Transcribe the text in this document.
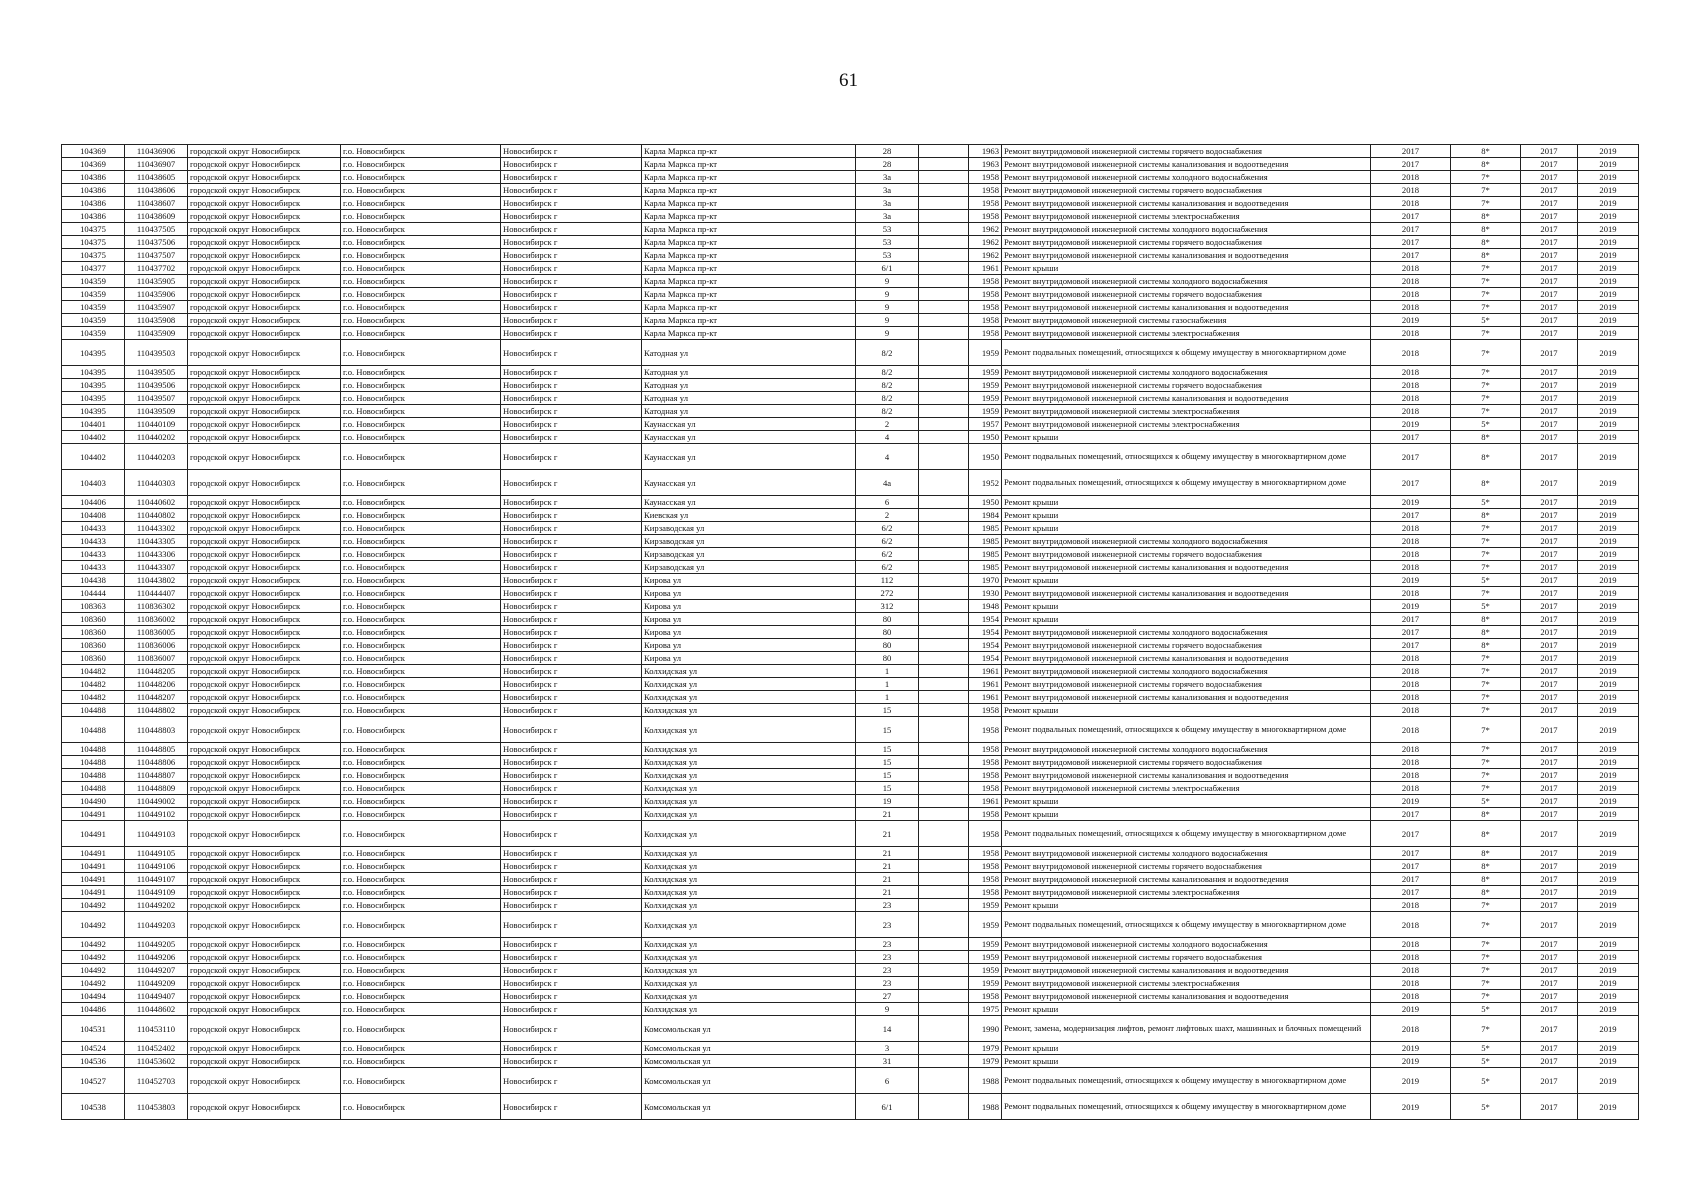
61
104369	110436906	городской округ Новосибирск	г.о. Новосибирск	Новосибирск г	Карла Маркса пр-кт	28		1963	Ремонт внутридомовой инженерной системы горячего водоснабжения	2017	8*	2017	2019
104369	110436907	городской округ Новосибирск	г.о. Новосибирск	Новосибирск г	Карла Маркса пр-кт	28		1963	Ремонт внутридомовой инженерной системы канализования и водоотведения	2017	8*	2017	2019
104386	110438605	городской округ Новосибирск	г.о. Новосибирск	Новосибирск г	Карла Маркса пр-кт	3а		1958	Ремонт внутридомовой инженерной системы холодного водоснабжения	2018	7*	2017	2019
104386	110438606	городской округ Новосибирск	г.о. Новосибирск	Новосибирск г	Карла Маркса пр-кт	3а		1958	Ремонт внутридомовой инженерной системы горячего водоснабжения	2018	7*	2017	2019
104386	110438607	городской округ Новосибирск	г.о. Новосибирск	Новосибирск г	Карла Маркса пр-кт	3а		1958	Ремонт внутридомовой инженерной системы канализования и водоотведения	2018	7*	2017	2019
104386	110438609	городской округ Новосибирск	г.о. Новосибирск	Новосибирск г	Карла Маркса пр-кт	3а		1958	Ремонт внутридомовой инженерной системы электроснабжения	2017	8*	2017	2019
104375	110437505	городской округ Новосибирск	г.о. Новосибирск	Новосибирск г	Карла Маркса пр-кт	53		1962	Ремонт внутридомовой инженерной системы холодного водоснабжения	2017	8*	2017	2019
104375	110437506	городской округ Новосибирск	г.о. Новосибирск	Новосибирск г	Карла Маркса пр-кт	53		1962	Ремонт внутридомовой инженерной системы горячего водоснабжения	2017	8*	2017	2019
104375	110437507	городской округ Новосибирск	г.о. Новосибирск	Новосибирск г	Карла Маркса пр-кт	53		1962	Ремонт внутридомовой инженерной системы канализования и водоотведения	2017	8*	2017	2019
104377	110437702	городской округ Новосибирск	г.о. Новосибирск	Новосибирск г	Карла Маркса пр-кт	6/1		1961	Ремонт крыши	2018	7*	2017	2019
104359	110435905	городской округ Новосибирск	г.о. Новосибирск	Новосибирск г	Карла Маркса пр-кт	9		1958	Ремонт внутридомовой инженерной системы холодного водоснабжения	2018	7*	2017	2019
104359	110435906	городской округ Новосибирск	г.о. Новосибирск	Новосибирск г	Карла Маркса пр-кт	9		1958	Ремонт внутридомовой инженерной системы горячего водоснабжения	2018	7*	2017	2019
104359	110435907	городской округ Новосибирск	г.о. Новосибирск	Новосибирск г	Карла Маркса пр-кт	9		1958	Ремонт внутридомовой инженерной системы канализования и водоотведения	2018	7*	2017	2019
104359	110435908	городской округ Новосибирск	г.о. Новосибирск	Новосибирск г	Карла Маркса пр-кт	9		1958	Ремонт внутридомовой инженерной системы газоснабжения	2019	5*	2017	2019
104359	110435909	городской округ Новосибирск	г.о. Новосибирск	Новосибирск г	Карла Маркса пр-кт	9		1958	Ремонт внутридомовой инженерной системы электроснабжения	2018	7*	2017	2019
104395	110439503	городской округ Новосибирск	г.о. Новосибирск	Новосибирск г	Катодная ул	8/2		1959	Ремонт подвальных помещений, относящихся к общему имуществу в многоквартирном доме	2018	7*	2017	2019
104395	110439505	городской округ Новосибирск	г.о. Новосибирск	Новосибирск г	Катодная ул	8/2		1959	Ремонт внутридомовой инженерной системы холодного водоснабжения	2018	7*	2017	2019
104395	110439506	городской округ Новосибирск	г.о. Новосибирск	Новосибирск г	Катодная ул	8/2		1959	Ремонт внутридомовой инженерной системы горячего водоснабжения	2018	7*	2017	2019
104395	110439507	городской округ Новосибирск	г.о. Новосибирск	Новосибирск г	Катодная ул	8/2		1959	Ремонт внутридомовой инженерной системы канализования и водоотведения	2018	7*	2017	2019
104395	110439509	городской округ Новосибирск	г.о. Новосибирск	Новосибирск г	Катодная ул	8/2		1959	Ремонт внутридомовой инженерной системы электроснабжения	2018	7*	2017	2019
104401	110440109	городской округ Новосибирск	г.о. Новосибирск	Новосибирск г	Каунасская ул	2		1957	Ремонт внутридомовой инженерной системы электроснабжения	2019	5*	2017	2019
104402	110440202	городской округ Новосибирск	г.о. Новосибирск	Новосибирск г	Каунасская ул	4		1950	Ремонт крыши	2017	8*	2017	2019
104402	110440203	городской округ Новосибирск	г.о. Новосибирск	Новосибирск г	Каунасская ул	4		1950	Ремонт подвальных помещений, относящихся к общему имуществу в многоквартирном доме	2017	8*	2017	2019
104403	110440303	городской округ Новосибирск	г.о. Новосибирск	Новосибирск г	Каунасская ул	4а		1952	Ремонт подвальных помещений, относящихся к общему имуществу в многоквартирном доме	2017	8*	2017	2019
104406	110440602	городской округ Новосибирск	г.о. Новосибирск	Новосибирск г	Каунасская ул	6		1950	Ремонт крыши	2019	5*	2017	2019
104408	110440802	городской округ Новосибирск	г.о. Новосибирск	Новосибирск г	Киевская ул	2		1984	Ремонт крыши	2017	8*	2017	2019
104433	110443302	городской округ Новосибирск	г.о. Новосибирск	Новосибирск г	Кирзаводская ул	6/2		1985	Ремонт крыши	2018	7*	2017	2019
104433	110443305	городской округ Новосибирск	г.о. Новосибирск	Новосибирск г	Кирзаводская ул	6/2		1985	Ремонт внутридомовой инженерной системы холодного водоснабжения	2018	7*	2017	2019
104433	110443306	городской округ Новосибирск	г.о. Новосибирск	Новосибирск г	Кирзаводская ул	6/2		1985	Ремонт внутридомовой инженерной системы горячего водоснабжения	2018	7*	2017	2019
104433	110443307	городской округ Новосибирск	г.о. Новосибирск	Новосибирск г	Кирзаводская ул	6/2		1985	Ремонт внутридомовой инженерной системы канализования и водоотведения	2018	7*	2017	2019
104438	110443802	городской округ Новосибирск	г.о. Новосибирск	Новосибирск г	Кирова ул	112		1970	Ремонт крыши	2019	5*	2017	2019
104444	110444407	городской округ Новосибирск	г.о. Новосибирск	Новосибирск г	Кирова ул	272		1930	Ремонт внутридомовой инженерной системы канализования и водоотведения	2018	7*	2017	2019
108363	110836302	городской округ Новосибирск	г.о. Новосибирск	Новосибирск г	Кирова ул	312		1948	Ремонт крыши	2019	5*	2017	2019
108360	110836002	городской округ Новосибирск	г.о. Новосибирск	Новосибирск г	Кирова ул	80		1954	Ремонт крыши	2017	8*	2017	2019
108360	110836005	городской округ Новосибирск	г.о. Новосибирск	Новосибирск г	Кирова ул	80		1954	Ремонт внутридомовой инженерной системы холодного водоснабжения	2017	8*	2017	2019
108360	110836006	городской округ Новосибирск	г.о. Новосибирск	Новосибирск г	Кирова ул	80		1954	Ремонт внутридомовой инженерной системы горячего водоснабжения	2017	8*	2017	2019
108360	110836007	городской округ Новосибирск	г.о. Новосибирск	Новосибирск г	Кирова ул	80		1954	Ремонт внутридомовой инженерной системы канализования и водоотведения	2018	7*	2017	2019
104482	110448205	городской округ Новосибирск	г.о. Новосибирск	Новосибирск г	Колхидская ул	1		1961	Ремонт внутридомовой инженерной системы холодного водоснабжения	2018	7*	2017	2019
104482	110448206	городской округ Новосибирск	г.о. Новосибирск	Новосибирск г	Колхидская ул	1		1961	Ремонт внутридомовой инженерной системы горячего водоснабжения	2018	7*	2017	2019
104482	110448207	городской округ Новосибирск	г.о. Новосибирск	Новосибирск г	Колхидская ул	1		1961	Ремонт внутридомовой инженерной системы канализования и водоотведения	2018	7*	2017	2019
104488	110448802	городской округ Новосибирск	г.о. Новосибирск	Новосибирск г	Колхидская ул	15		1958	Ремонт крыши	2018	7*	2017	2019
104488	110448803	городской округ Новосибирск	г.о. Новосибирск	Новосибирск г	Колхидская ул	15		1958	Ремонт подвальных помещений, относящихся к общему имуществу в многоквартирном доме	2018	7*	2017	2019
104488	110448805	городской округ Новосибирск	г.о. Новосибирск	Новосибирск г	Колхидская ул	15		1958	Ремонт внутридомовой инженерной системы холодного водоснабжения	2018	7*	2017	2019
104488	110448806	городской округ Новосибирск	г.о. Новосибирск	Новосибирск г	Колхидская ул	15		1958	Ремонт внутридомовой инженерной системы горячего водоснабжения	2018	7*	2017	2019
104488	110448807	городской округ Новосибирск	г.о. Новосибирск	Новосибирск г	Колхидская ул	15		1958	Ремонт внутридомовой инженерной системы канализования и водоотведения	2018	7*	2017	2019
104488	110448809	городской округ Новосибирск	г.о. Новосибирск	Новосибирск г	Колхидская ул	15		1958	Ремонт внутридомовой инженерной системы электроснабжения	2018	7*	2017	2019
104490	110449002	городской округ Новосибирск	г.о. Новосибирск	Новосибирск г	Колхидская ул	19		1961	Ремонт крыши	2019	5*	2017	2019
104491	110449102	городской округ Новосибирск	г.о. Новосибирск	Новосибирск г	Колхидская ул	21		1958	Ремонт крыши	2017	8*	2017	2019
104491	110449103	городской округ Новосибирск	г.о. Новосибирск	Новосибирск г	Колхидская ул	21		1958	Ремонт подвальных помещений, относящихся к общему имуществу в многоквартирном доме	2017	8*	2017	2019
104491	110449105	городской округ Новосибирск	г.о. Новосибирск	Новосибирск г	Колхидская ул	21		1958	Ремонт внутридомовой инженерной системы холодного водоснабжения	2017	8*	2017	2019
104491	110449106	городской округ Новосибирск	г.о. Новосибирск	Новосибирск г	Колхидская ул	21		1958	Ремонт внутридомовой инженерной системы горячего водоснабжения	2017	8*	2017	2019
104491	110449107	городской округ Новосибирск	г.о. Новосибирск	Новосибирск г	Колхидская ул	21		1958	Ремонт внутридомовой инженерной системы канализования и водоотведения	2017	8*	2017	2019
104491	110449109	городской округ Новосибирск	г.о. Новосибирск	Новосибирск г	Колхидская ул	21		1958	Ремонт внутридомовой инженерной системы электроснабжения	2017	8*	2017	2019
104492	110449202	городской округ Новосибирск	г.о. Новосибирск	Новосибирск г	Колхидская ул	23		1959	Ремонт крыши	2018	7*	2017	2019
104492	110449203	городской округ Новосибирск	г.о. Новосибирск	Новосибирск г	Колхидская ул	23		1959	Ремонт подвальных помещений, относящихся к общему имуществу в многоквартирном доме	2018	7*	2017	2019
104492	110449205	городской округ Новосибирск	г.о. Новосибирск	Новосибирск г	Колхидская ул	23		1959	Ремонт внутридомовой инженерной системы холодного водоснабжения	2018	7*	2017	2019
104492	110449206	городской округ Новосибирск	г.о. Новосибирск	Новосибирск г	Колхидская ул	23		1959	Ремонт внутридомовой инженерной системы горячего водоснабжения	2018	7*	2017	2019
104492	110449207	городской округ Новосибирск	г.о. Новосибирск	Новосибирск г	Колхидская ул	23		1959	Ремонт внутридомовой инженерной системы канализования и водоотведения	2018	7*	2017	2019
104492	110449209	городской округ Новосибирск	г.о. Новосибирск	Новосибирск г	Колхидская ул	23		1959	Ремонт внутридомовой инженерной системы электроснабжения	2018	7*	2017	2019
104494	110449407	городской округ Новосибирск	г.о. Новосибирск	Новосибирск г	Колхидская ул	27		1958	Ремонт внутридомовой инженерной системы канализования и водоотведения	2018	7*	2017	2019
104486	110448602	городской округ Новосибирск	г.о. Новосибирск	Новосибирск г	Колхидская ул	9		1975	Ремонт крыши	2019	5*	2017	2019
104531	110453110	городской округ Новосибирск	г.о. Новосибирск	Новосибирск г	Комсомольская ул	14		1990	Ремонт, замена, модернизация лифтов, ремонт лифтовых шахт, машинных и блочных помещений	2018	7*	2017	2019
104524	110452402	городской округ Новосибирск	г.о. Новосибирск	Новосибирск г	Комсомольская ул	3		1979	Ремонт крыши	2019	5*	2017	2019
104536	110453602	городской округ Новосибирск	г.о. Новосибирск	Новосибирск г	Комсомольская ул	31		1979	Ремонт крыши	2019	5*	2017	2019
104527	110452703	городской округ Новосибирск	г.о. Новосибирск	Новосибирск г	Комсомольская ул	6		1988	Ремонт подвальных помещений, относящихся к общему имуществу в многоквартирном доме	2019	5*	2017	2019
104538	110453803	городской округ Новосибирск	г.о. Новосибирск	Новосибирск г	Комсомольская ул	6/1		1988	Ремонт подвальных помещений, относящихся к общему имуществу в многоквартирном доме	2019	5*	2017	2019
